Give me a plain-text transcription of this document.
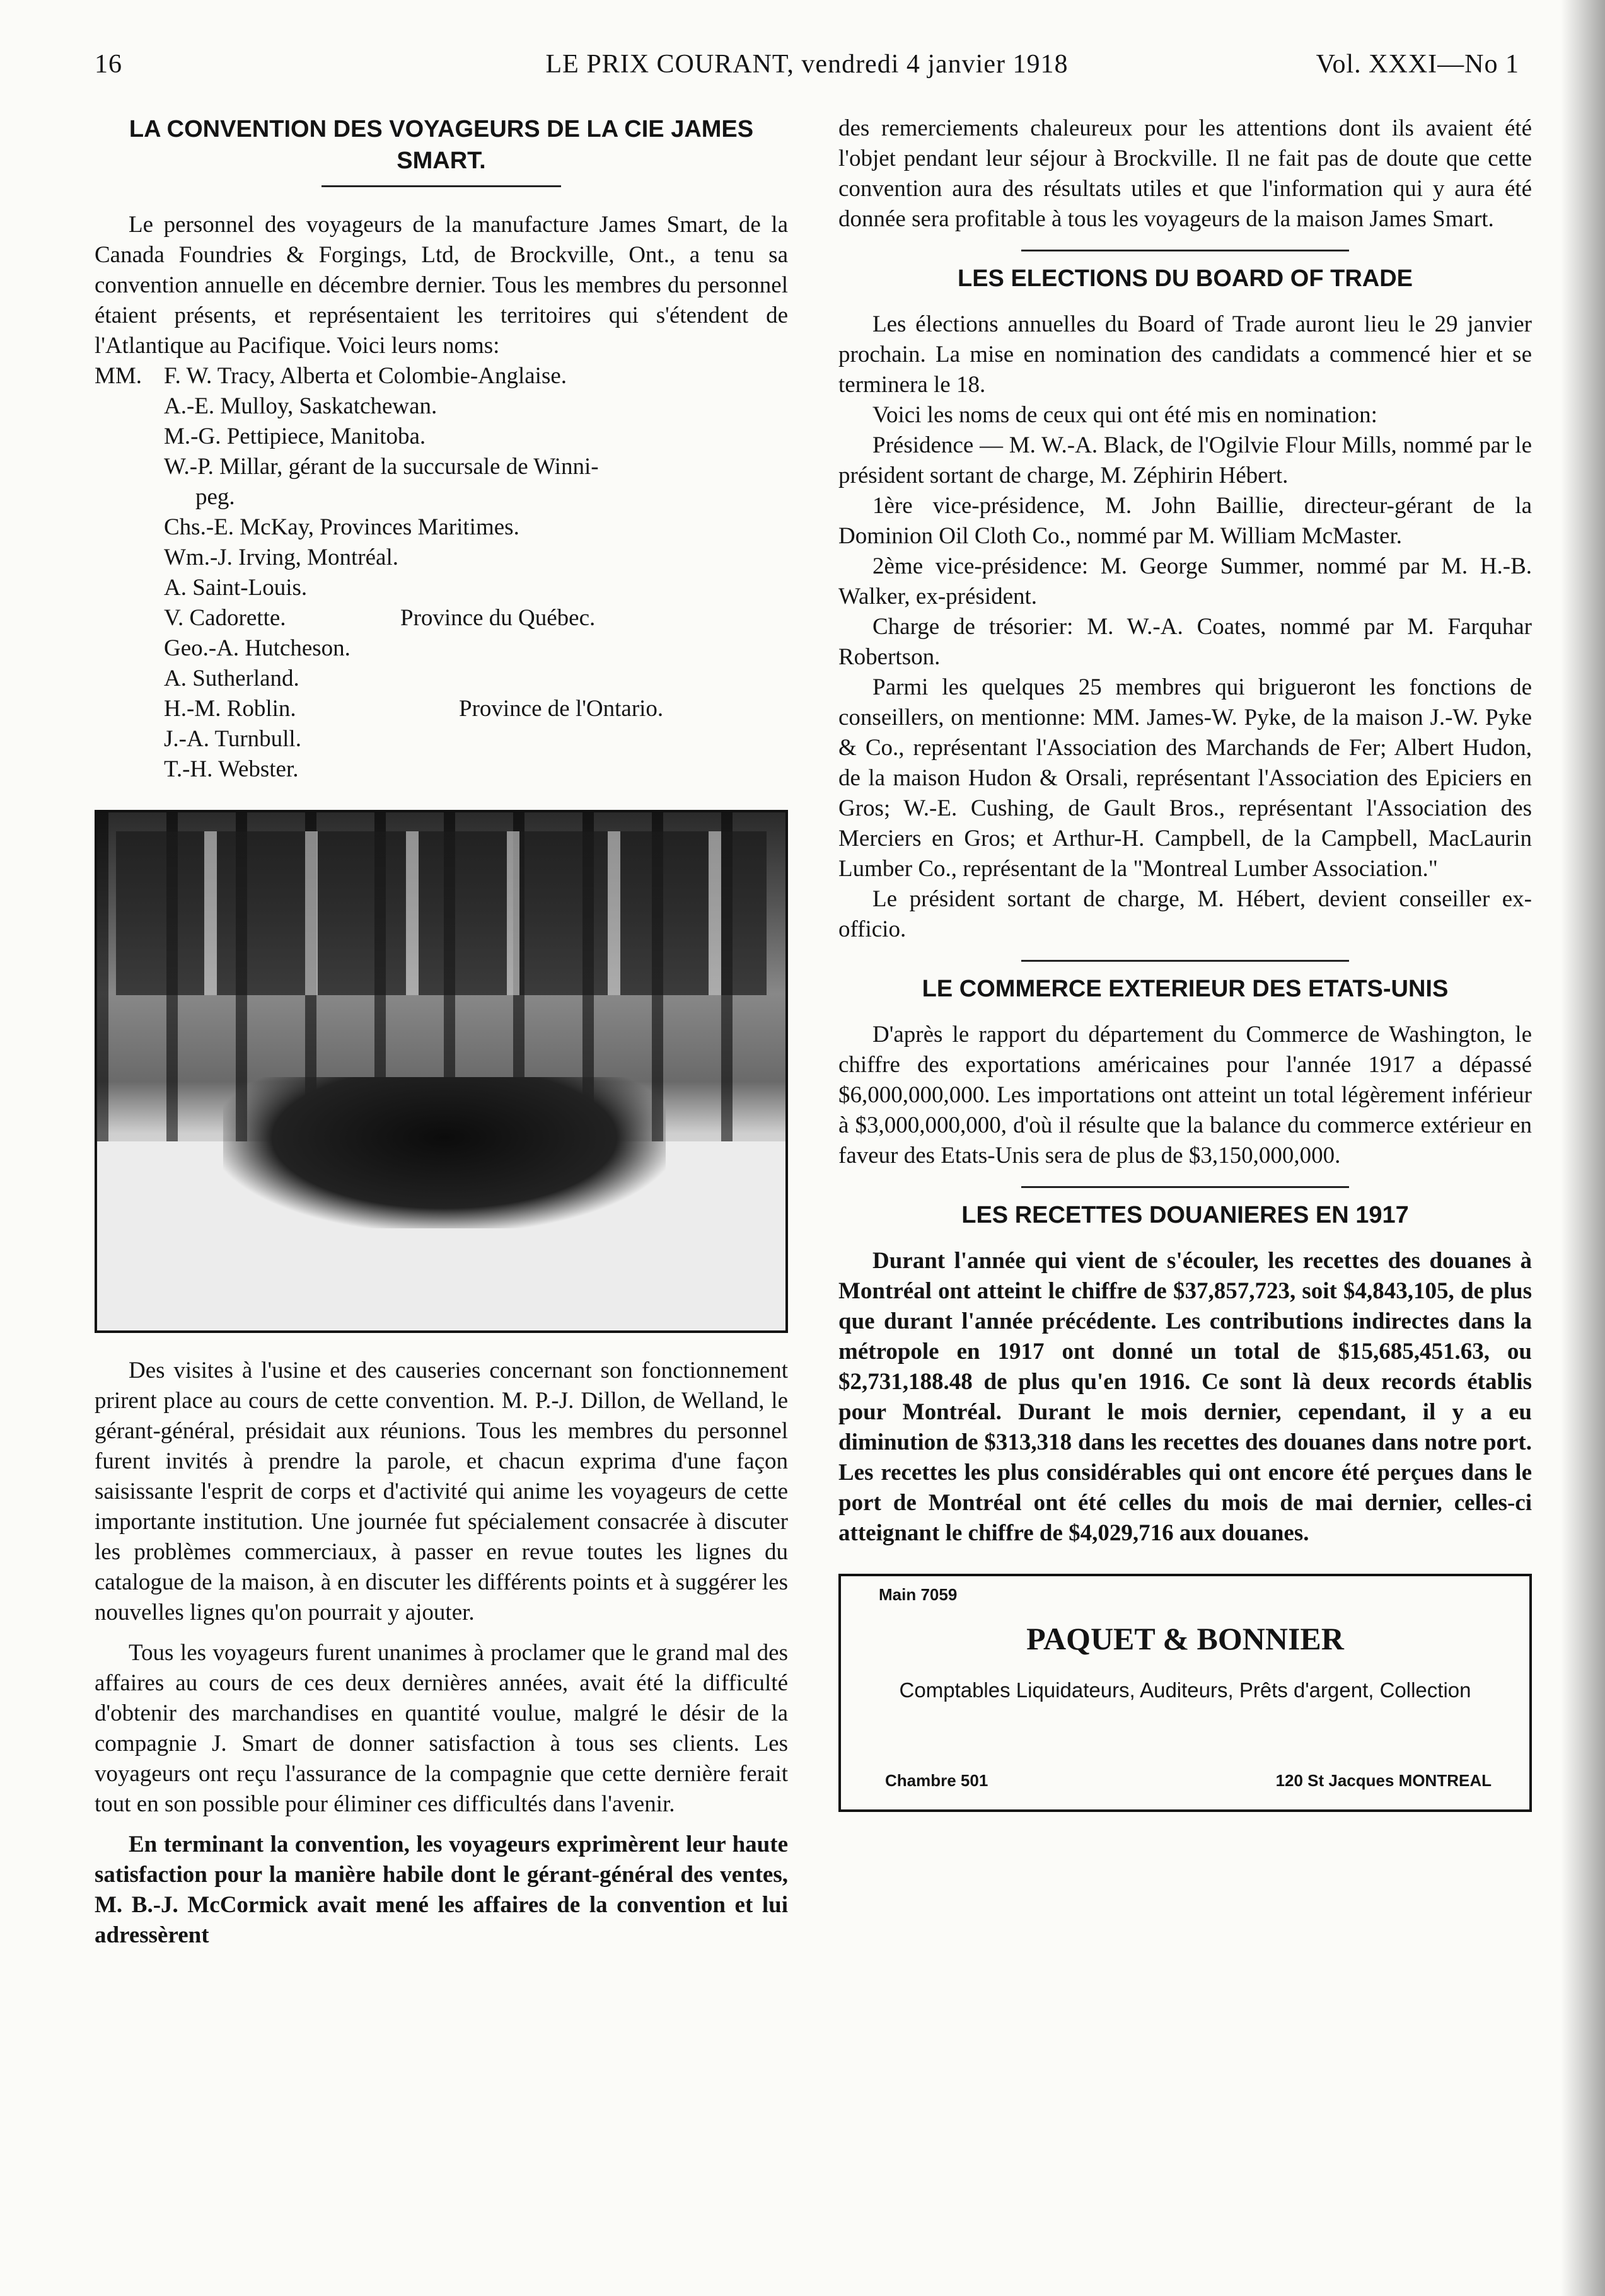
16	LE PRIX COURANT, vendredi 4 janvier 1918	Vol. XXXI—No 1
LA CONVENTION DES VOYAGEURS DE LA CIE JAMES SMART.

Le personnel des voyageurs de la manufacture James Smart, de la Canada Foundries & Forgings, Ltd, de Brockville, Ont., a tenu sa convention annuelle en décembre dernier. Tous les membres du personnel étaient présents, et représentaient les territoires qui s'étendent de l'Atlantique au Pacifique. Voici leurs noms:

MM. F. W. Tracy, Alberta et Colombie-Anglaise.
A.-E. Mulloy, Saskatchewan.
M.-G. Pettipiece, Manitoba.
W.-P. Millar, gérant de la succursale de Winni-
peg.
Chs.-E. McKay, Provinces Maritimes.
Wm.-J. Irving, Montréal.
A. Saint-Louis.
V. Cadorette.	Province du Québec.
Geo.-A. Hutcheson.
A. Sutherland.
H.-M. Roblin.	Province de l'Ontario.
J.-A. Turnbull.
T.-H. Webster.

Des visites à l'usine et des causeries concernant son fonctionnement prirent place au cours de cette convention. M. P.-J. Dillon, de Welland, le gérant-général, présidait aux réunions. Tous les membres du personnel furent invités à prendre la parole, et chacun exprima d'une façon saisissante l'esprit de corps et d'activité qui anime les voyageurs de cette importante institution. Une journée fut spécialement consacrée à discuter les problèmes commerciaux, à passer en revue toutes les lignes du catalogue de la maison, à en discuter les différents points et à suggérer les nouvelles lignes qu'on pourrait y ajouter.

Tous les voyageurs furent unanimes à proclamer que le grand mal des affaires au cours de ces deux dernières années, avait été la difficulté d'obtenir des marchandises en quantité voulue, malgré le désir de la compagnie J. Smart de donner satisfaction à tous ses clients. Les voyageurs ont reçu l'assurance de la compagnie que cette dernière ferait tout en son possible pour éliminer ces difficultés dans l'avenir.

En terminant la convention, les voyageurs exprimèrent leur haute satisfaction pour la manière habile dont le gérant-général des ventes, M. B.-J. McCormick avait mené les affaires de la convention et lui adressèrent

des remerciements chaleureux pour les attentions dont ils avaient été l'objet pendant leur séjour à Brockville. Il ne fait pas de doute que cette convention aura des résultats utiles et que l'information qui y aura été donnée sera profitable à tous les voyageurs de la maison James Smart.

LES ELECTIONS DU BOARD OF TRADE

Les élections annuelles du Board of Trade auront lieu le 29 janvier prochain. La mise en nomination des candidats a commencé hier et se terminera le 18.

Voici les noms de ceux qui ont été mis en nomination:

Présidence — M. W.-A. Black, de l'Ogilvie Flour Mills, nommé par le président sortant de charge, M. Zéphirin Hébert.

1ère vice-présidence, M. John Baillie, directeur-gérant de la Dominion Oil Cloth Co., nommé par M. William McMaster.

2ème vice-présidence: M. George Summer, nommé par M. H.-B. Walker, ex-président.

Charge de trésorier: M. W.-A. Coates, nommé par M. Farquhar Robertson.

Parmi les quelques 25 membres qui brigueront les fonctions de conseillers, on mentionne: MM. James-W. Pyke, de la maison J.-W. Pyke & Co., représentant l'Association des Marchands de Fer; Albert Hudon, de la maison Hudon & Orsali, représentant l'Association des Epiciers en Gros; W.-E. Cushing, de Gault Bros., représentant l'Association des Merciers en Gros; et Arthur-H. Campbell, de la Campbell, MacLaurin Lumber Co., représentant de la "Montreal Lumber Association."

Le président sortant de charge, M. Hébert, devient conseiller ex-officio.

LE COMMERCE EXTERIEUR DES ETATS-UNIS

D'après le rapport du département du Commerce de Washington, le chiffre des exportations américaines pour l'année 1917 a dépassé $6,000,000,000. Les importations ont atteint un total légèrement inférieur à $3,000,000,000, d'où il résulte que la balance du commerce extérieur en faveur des Etats-Unis sera de plus de $3,150,000,000.

LES RECETTES DOUANIERES EN 1917

Durant l'année qui vient de s'écouler, les recettes des douanes à Montréal ont atteint le chiffre de $37,857,723, soit $4,843,105, de plus que durant l'année précédente. Les contributions indirectes dans la métropole en 1917 ont donné un total de $15,685,451.63, ou $2,731,188.48 de plus qu'en 1916. Ce sont là deux records établis pour Montréal. Durant le mois dernier, cependant, il y a eu diminution de $313,318 dans les recettes des douanes dans notre port. Les recettes les plus considérables qui ont encore été perçues dans le port de Montréal ont été celles du mois de mai dernier, celles-ci atteignant le chiffre de $4,029,716 aux douanes.

Main 7059
PAQUET & BONNIER
Comptables Liquidateurs, Auditeurs, Prêts d'argent, Collection
Chambre 501	120 St Jacques MONTREAL
